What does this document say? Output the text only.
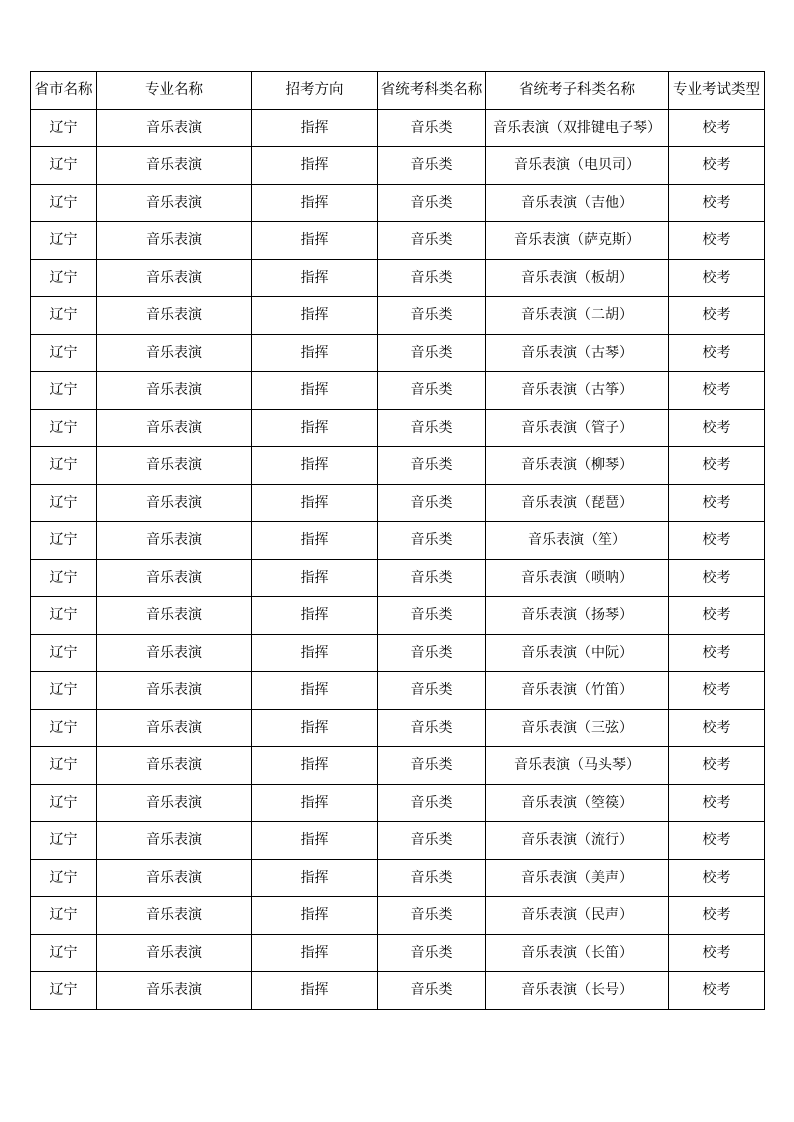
省市名称	专业名称	招考方向	省统考科类名称	省统考子科类名称	专业考试类型
辽宁	音乐表演	指挥	音乐类	音乐表演（双排键电子琴）	校考
辽宁	音乐表演	指挥	音乐类	音乐表演（电贝司）	校考
辽宁	音乐表演	指挥	音乐类	音乐表演（吉他）	校考
辽宁	音乐表演	指挥	音乐类	音乐表演（萨克斯）	校考
辽宁	音乐表演	指挥	音乐类	音乐表演（板胡）	校考
辽宁	音乐表演	指挥	音乐类	音乐表演（二胡）	校考
辽宁	音乐表演	指挥	音乐类	音乐表演（古琴）	校考
辽宁	音乐表演	指挥	音乐类	音乐表演（古筝）	校考
辽宁	音乐表演	指挥	音乐类	音乐表演（管子）	校考
辽宁	音乐表演	指挥	音乐类	音乐表演（柳琴）	校考
辽宁	音乐表演	指挥	音乐类	音乐表演（琵琶）	校考
辽宁	音乐表演	指挥	音乐类	音乐表演（笙）	校考
辽宁	音乐表演	指挥	音乐类	音乐表演（唢呐）	校考
辽宁	音乐表演	指挥	音乐类	音乐表演（扬琴）	校考
辽宁	音乐表演	指挥	音乐类	音乐表演（中阮）	校考
辽宁	音乐表演	指挥	音乐类	音乐表演（竹笛）	校考
辽宁	音乐表演	指挥	音乐类	音乐表演（三弦）	校考
辽宁	音乐表演	指挥	音乐类	音乐表演（马头琴）	校考
辽宁	音乐表演	指挥	音乐类	音乐表演（箜篌）	校考
辽宁	音乐表演	指挥	音乐类	音乐表演（流行）	校考
辽宁	音乐表演	指挥	音乐类	音乐表演（美声）	校考
辽宁	音乐表演	指挥	音乐类	音乐表演（民声）	校考
辽宁	音乐表演	指挥	音乐类	音乐表演（长笛）	校考
辽宁	音乐表演	指挥	音乐类	音乐表演（长号）	校考
